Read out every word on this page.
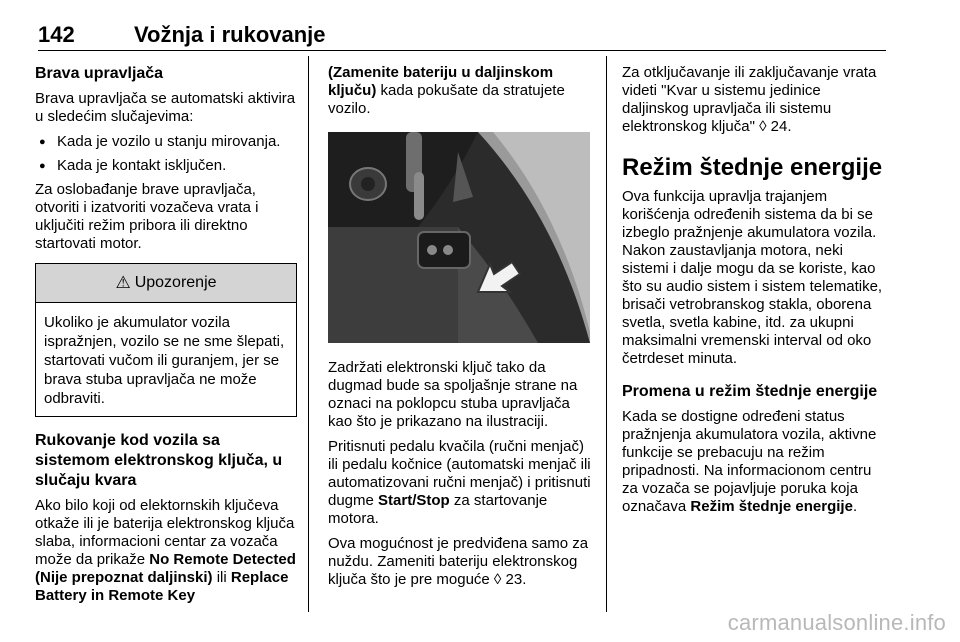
142	Vožnja i rukovanje
Brava upravljača

Brava upravljača se automatski aktivira u sledećim slučajevima:

● Kada je vozilo u stanju mirovanja.
● Kada je kontakt isključen.

Za oslobađanje brave upravljača, otvoriti i izatvoriti vozačeva vrata i uključiti režim pribora ili direktno startovati motor.

⚠ Upozorenje
Ukoliko je akumulator vozila ispražnjen, vozilo se ne sme šlepati, startovati vučom ili guranjem, jer se brava stuba upravljača ne može odbraviti.
Rukovanje kod vozila sa sistemom elektronskog ključa, u slučaju kvara

Ako bilo koji od elektornskih ključeva otkaže ili je baterija elektronskog ključa slaba, informacioni centar za vozača može da prikaže No Remote Detected (Nije prepoznat daljinski) ili Replace Battery in Remote Key

(Zamenite bateriju u daljinskom ključu) kada pokušate da stratujete vozilo.

Zadržati elektronski ključ tako da dugmad bude sa spoljašnje strane na oznaci na poklopcu stuba upravljača kao što je prikazano na ilustraciji.

Pritisnuti pedalu kvačila (ručni menjač) ili pedalu kočnice (automatski menjač ili automatizovani ručni menjač) i pritisnuti dugme Start/Stop za startovanje motora.

Ova mogućnost je predviđena samo za nuždu. Zameniti bateriju elektronskog ključa što je pre moguće ◊ 23.

Za otključavanje ili zaključavanje vrata videti "Kvar u sistemu jedinice daljinskog upravljača ili sistemu elektronskog ključa" ◊ 24.

Režim štednje energije

Ova funkcija upravlja trajanjem korišćenja određenih sistema da bi se izbeglo pražnjenje akumulatora vozila. Nakon zaustavljanja motora, neki sistemi i dalje mogu da se koriste, kao što su audio sistem i sistem telematike, brisači vetrobranskog stakla, oborena svetla, svetla kabine, itd. za ukupni maksimalni vremenski interval od oko četrdeset minuta.

Promena u režim štednje energije

Kada se dostigne određeni status pražnjenja akumulatora vozila, aktivne funkcije se prebacuju na režim pripadnosti. Na informacionom centru za vozača se pojavljuje poruka koja označava Režim štednje energije.

carmanualsonline.info
